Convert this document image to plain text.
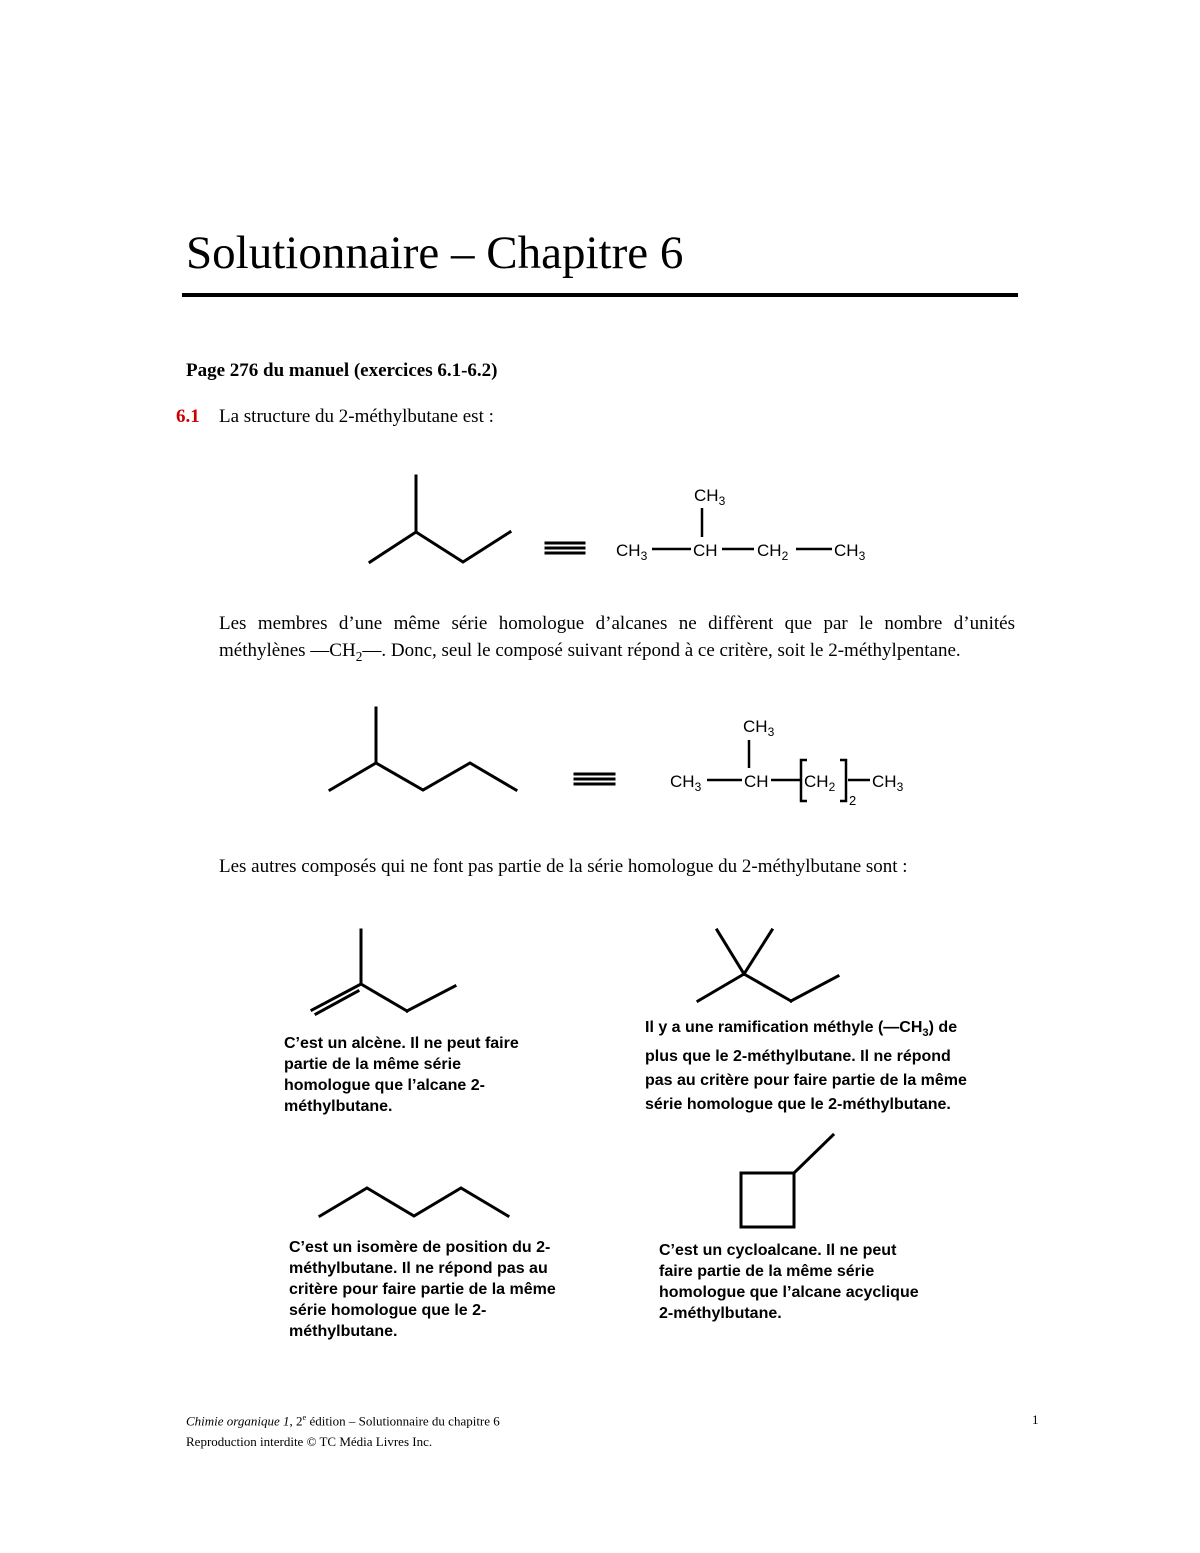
Solutionnaire – Chapitre 6
Page 276 du manuel (exercices 6.1-6.2)
6.1 La structure du 2-méthylbutane est :
$CH_3$
$CH_3$	CH $CH_2$	$CH_3$
Les membres d’une même série homologue d’alcanes ne diffèrent que par le nombre d’unités méthylènes $—CH_2—$. Donc, seul le composé suivant répond à ce critère, soit le 2-méthylpentane.
$CH_3$
$CH_3$	CH $CH_2$
2
$CH_3$
Les autres composés qui ne font pas partie de la série homologue du 2-méthylbutane sont :
C’est un alcène. Il ne peut faire partie de la même série homologue que l’alcane 2-méthylbutane.
Il y a une ramification méthyle $(—CH_3)$ de plus que le 2-méthylbutane. Il ne répond pas au critère pour faire partie de la même série homologue que le 2-méthylbutane.
C’est un isomère de position du 2-méthylbutane. Il ne répond pas au critère pour faire partie de la même série homologue que le 2-méthylbutane.
C’est un cycloalcane. Il ne peut faire partie de la même série homologue que l’alcane acyclique 2-méthylbutane.
Chimie organique 1, 2e édition – Solutionnaire du chapitre 6
Reproduction interdite © TC Média Livres Inc.
1
